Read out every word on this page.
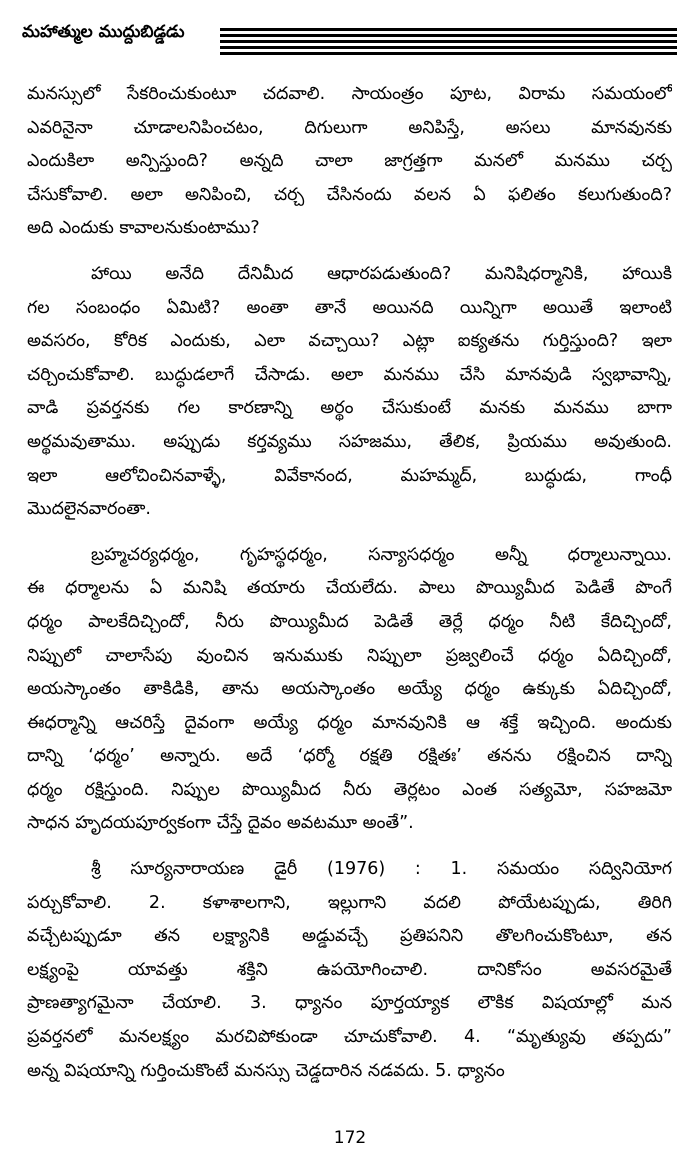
మహాత్ముల ముద్దుబిడ్డడు
మనస్సులో సేకరించుకుంటూ చదవాలి. సాయంత్రం పూట, విరామ సమయంలో
ఎవరినైనా చూడాలనిపించటం, దిగులుగా అనిపిస్తే, అసలు మానవునకు
ఎందుకిలా అన్పిస్తుంది? అన్నది చాలా జాగ్రత్తగా మనలో మనము చర్చ
చేసుకోవాలి. అలా అనిపించి, చర్చ చేసినందు వలన ఏ ఫలితం కలుగుతుంది?
అది ఎందుకు కావాలనుకుంటాము?
హాయి అనేది దేనిమీద ఆధారపడుతుంది? మనిషిధర్మానికి, హాయికి
గల సంబంధం ఏమిటి? అంతా తానే అయినది యిన్నిగా అయితే ఇలాంటి
అవసరం, కోరిక ఎందుకు, ఎలా వచ్చాయి? ఎట్లా ఐక్యతను గుర్తిస్తుంది? ఇలా
చర్చించుకోవాలి. బుద్ధుడలాగే చేసాడు. అలా మనము చేసి మానవుడి స్వభావాన్ని,
వాడి ప్రవర్తనకు గల కారణాన్ని అర్థం చేసుకుంటే మనకు మనము బాగా
అర్థమవుతాము. అప్పుడు కర్తవ్యము సహజము, తేలిక, ప్రియము అవుతుంది.
ఇలా ఆలోచించినవాళ్ళే, వివేకానంద, మహమ్మద్, బుద్ధుడు, గాంధీ
మొదలైనవారంతా.
బ్రహ్మచర్యధర్మం, గృహస్థధర్మం, సన్యాసధర్మం అన్నీ ధర్మాలున్నాయి.
ఈ ధర్మాలను ఏ మనిషి తయారు చేయలేదు. పాలు పొయ్యిమీద పెడితే పొంగే
ధర్మం పాలకేదిచ్చిందో, నీరు పొయ్యిమీద పెడితే తెర్లే ధర్మం నీటి కేదిచ్చిందో,
నిప్పులో చాలాసేపు వుంచిన ఇనుముకు నిప్పులా ప్రజ్వలించే ధర్మం ఏదిచ్చిందో,
అయస్కాంతం తాకిడికి, తాను అయస్కాంతం అయ్యే ధర్మం ఉక్కుకు ఏదిచ్చిందో,
ఈధర్మాన్ని ఆచరిస్తే దైవంగా అయ్యే ధర్మం మానవునికి ఆ శక్తే ఇచ్చింది. అందుకు
దాన్ని ‘ధర్మం’ అన్నారు. అదే ‘ధర్మో రక్షతి రక్షితః’ తనను రక్షించిన దాన్ని
ధర్మం రక్షిస్తుంది. నిప్పుల పొయ్యిమీద నీరు తెర్లటం ఎంత సత్యమో, సహజమో
సాధన హృదయపూర్వకంగా చేస్తే దైవం అవటమూ అంతే”.
శ్రీ సూర్యనారాయణ డైరీ (1976) : 1. సమయం సద్వినియోగ
పర్చుకోవాలి. 2. కళాశాలగాని, ఇల్లుగాని వదలి పోయేటప్పుడు, తిరిగి
వచ్చేటప్పుడూ తన లక్ష్యానికి అడ్డువచ్చే ప్రతిపనిని తొలగించుకొంటూ, తన
లక్ష్యంపై యావత్తు శక్తిని ఉపయోగించాలి. దానికోసం అవసరమైతే
ప్రాణత్యాగమైనా చేయాలి. 3. ధ్యానం పూర్తయ్యాక లౌకిక విషయాల్లో మన
ప్రవర్తనలో మనలక్ష్యం మరచిపోకుండా చూచుకోవాలి. 4. “మృత్యువు తప్పదు”
అన్న విషయాన్ని గుర్తించుకొంటే మనస్సు చెడ్డదారిన నడవదు. 5. ధ్యానం
172
